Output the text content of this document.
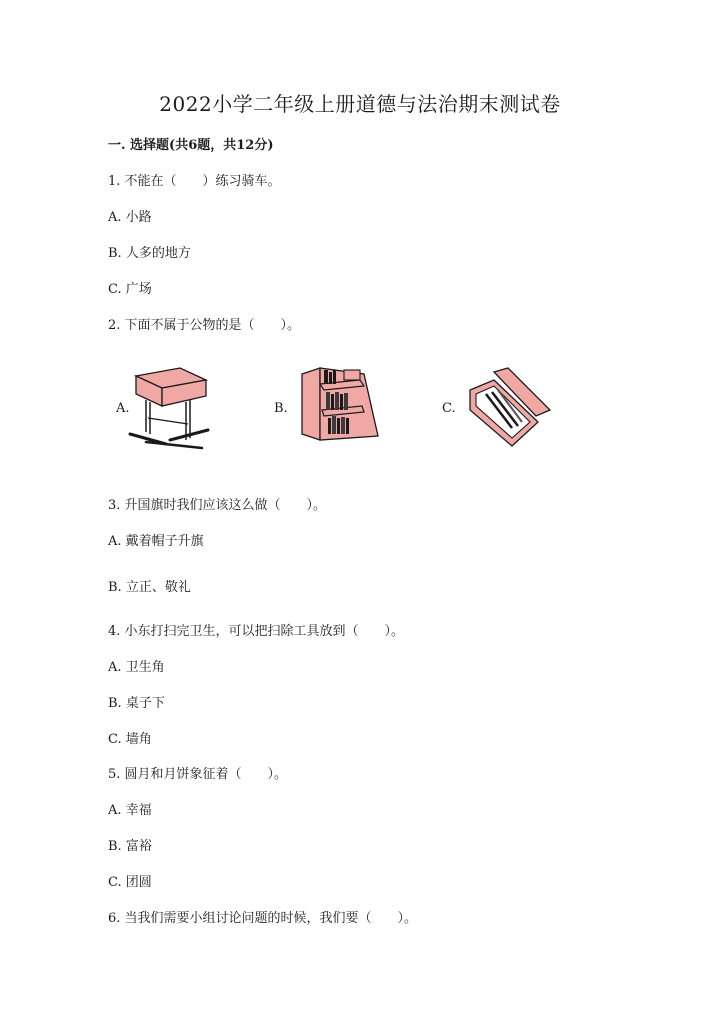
2022小学二年级上册道德与法治期末测试卷
一. 选择题(共6题，共12分)
1. 不能在（　　）练习骑车。
A. 小路
B. 人多的地方
C. 广场
2. 下面不属于公物的是（　　）。
A.	B.	C.
3. 升国旗时我们应该这么做（　　）。
A. 戴着帽子升旗
B. 立正、敬礼
4. 小东打扫完卫生，可以把扫除工具放到（　　）。
A. 卫生角
B. 桌子下
C. 墙角
5. 圆月和月饼象征着（　　）。
A. 幸福
B. 富裕
C. 团圆
6. 当我们需要小组讨论问题的时候，我们要（　　）。
